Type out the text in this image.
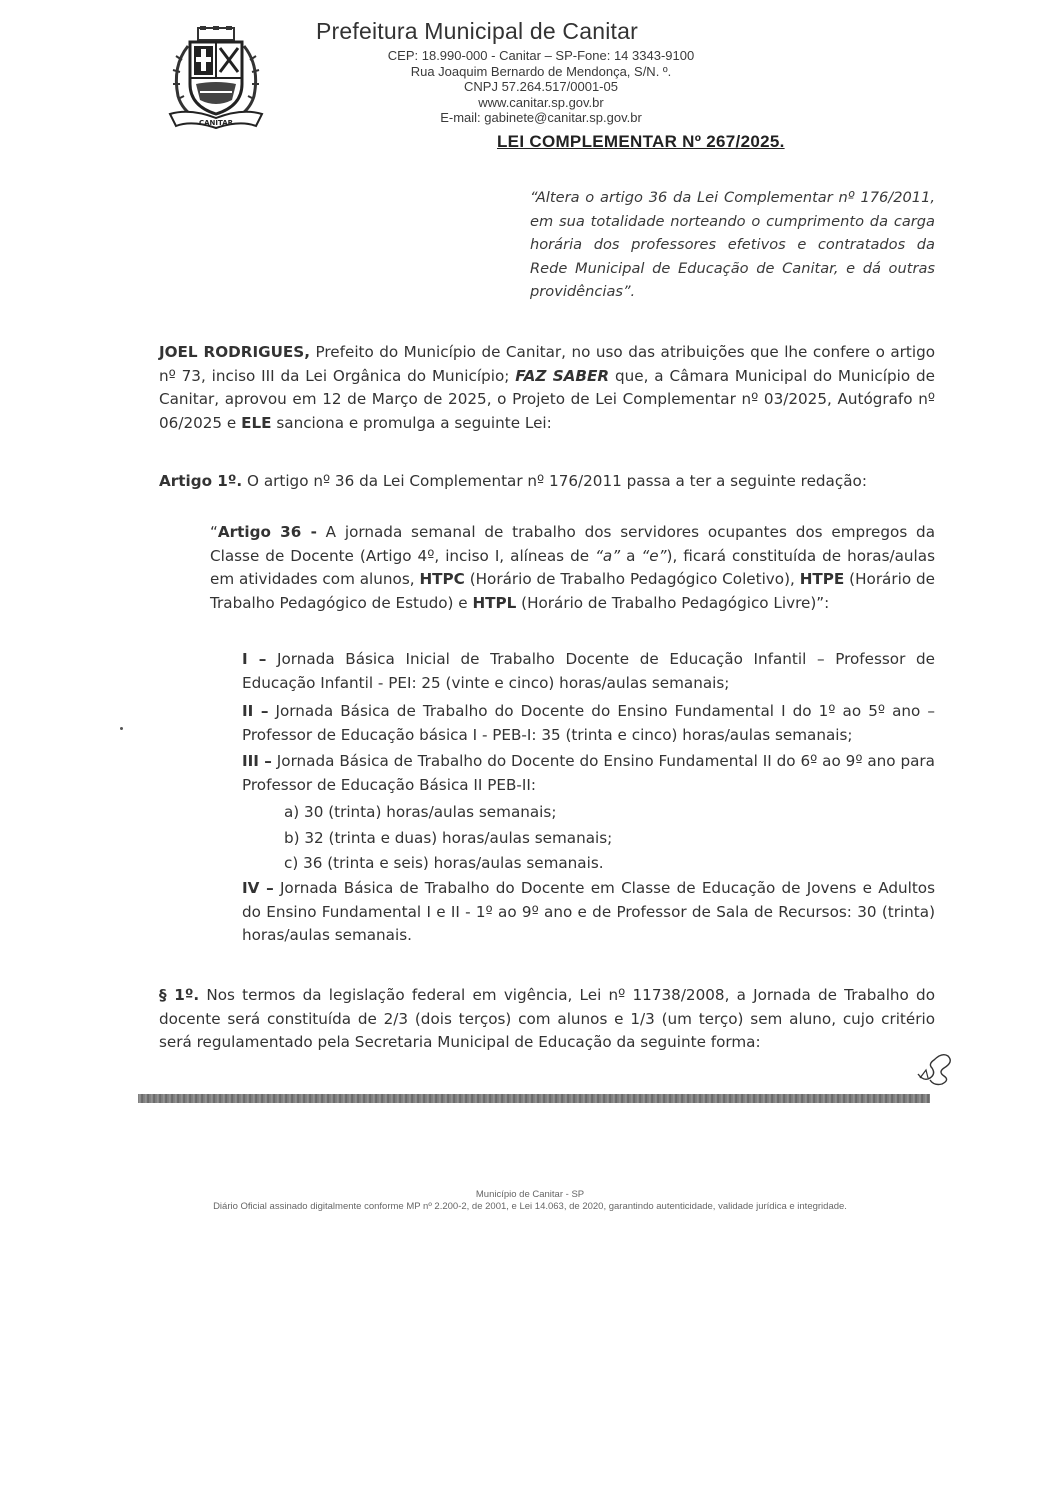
CANITAR
Prefeitura Municipal de Canitar
CEP: 18.990-000 - Canitar – SP-Fone: 14 3343-9100
Rua Joaquim Bernardo de Mendonça, S/N. º.
CNPJ 57.264.517/0001-05
www.canitar.sp.gov.br
E-mail: gabinete@canitar.sp.gov.br
LEI COMPLEMENTAR Nº 267/2025.
“Altera o artigo 36 da Lei Complementar nº 176/2011, em sua totalidade norteando o cumprimento da carga horária dos professores efetivos e contratados da Rede Municipal de Educação de Canitar, e dá outras providências”.
JOEL RODRIGUES, Prefeito do Município de Canitar, no uso das atribuições que lhe confere o artigo nº 73, inciso III da Lei Orgânica do Município; FAZ SABER que, a Câmara Municipal do Município de Canitar, aprovou em 12 de Março de 2025, o Projeto de Lei Complementar nº 03/2025, Autógrafo nº 06/2025 e ELE sanciona e promulga a seguinte Lei:
Artigo 1º. O artigo nº 36 da Lei Complementar nº 176/2011 passa a ter a seguinte redação:
“Artigo 36 - A jornada semanal de trabalho dos servidores ocupantes dos empregos da Classe de Docente (Artigo 4º, inciso I, alíneas de “a” a “e”), ficará constituída de horas/aulas em atividades com alunos, HTPC (Horário de Trabalho Pedagógico Coletivo), HTPE (Horário de Trabalho Pedagógico de Estudo) e HTPL (Horário de Trabalho Pedagógico Livre)”:
I – Jornada Básica Inicial de Trabalho Docente de Educação Infantil – Professor de Educação Infantil - PEI: 25 (vinte e cinco) horas/aulas semanais;
II – Jornada Básica de Trabalho do Docente do Ensino Fundamental I do 1º ao 5º ano – Professor de Educação básica I - PEB-I: 35 (trinta e cinco) horas/aulas semanais;
III – Jornada Básica de Trabalho do Docente do Ensino Fundamental II do 6º ao 9º ano para Professor de Educação Básica II PEB-II:
a) 30 (trinta) horas/aulas semanais;
b) 32 (trinta e duas) horas/aulas semanais;
c) 36 (trinta e seis) horas/aulas semanais.
IV – Jornada Básica de Trabalho do Docente em Classe de Educação de Jovens e Adultos do Ensino Fundamental I e II - 1º ao 9º ano e de Professor de Sala de Recursos: 30 (trinta) horas/aulas semanais.
§ 1º. Nos termos da legislação federal em vigência, Lei nº 11738/2008, a Jornada de Trabalho do docente será constituída de 2/3 (dois terços) com alunos e 1/3 (um terço) sem aluno, cujo critério será regulamentado pela Secretaria Municipal de Educação da seguinte forma:
Município de Canitar - SP
Diário Oficial assinado digitalmente conforme MP nº 2.200-2, de 2001, e Lei 14.063, de 2020, garantindo autenticidade, validade jurídica e integridade.
